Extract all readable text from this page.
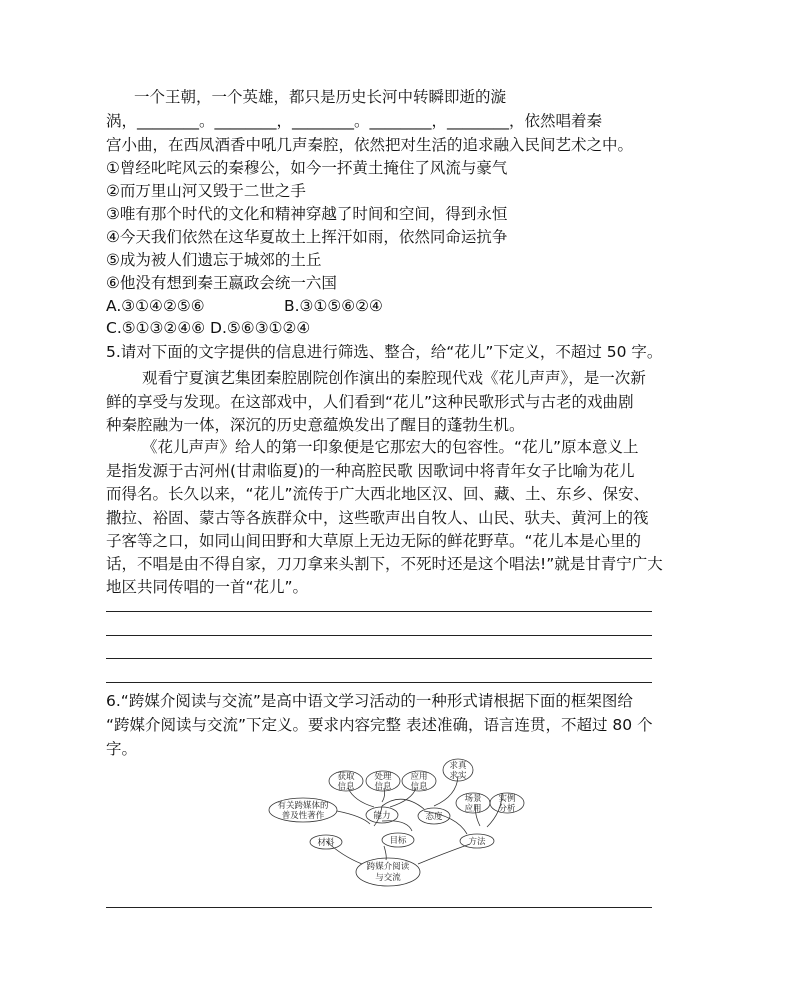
一个王朝，一个英雄，都只是历史长河中转瞬即逝的漩
涡，________。________，________。________，________，依然唱着秦
宫小曲，在西凤酒香中吼几声秦腔，依然把对生活的追求融入民间艺术之中。
①曾经叱咤风云的秦穆公，如今一抔黄土掩住了风流与豪气
②而万里山河又毁于二世之手
③唯有那个时代的文化和精神穿越了时间和空间，得到永恒
④今天我们依然在这华夏故土上挥汗如雨，依然同命运抗争
⑤成为被人们遗忘于城郊的土丘
⑥他没有想到秦王嬴政会统一六国
A.③①④②⑤⑥	B.③①⑤⑥②④
C.⑤①③②④⑥ D.⑤⑥③①②④
5.请对下面的文字提供的信息进行筛选、整合，给“花儿”下定义，不超过 50 字。
观看宁夏演艺集团秦腔剧院创作演出的秦腔现代戏《花儿声声》，是一次新
鲜的享受与发现。在这部戏中，人们看到“花儿”这种民歌形式与古老的戏曲剧
种秦腔融为一体，深沉的历史意蕴焕发出了醒目的蓬勃生机。
《花儿声声》给人的第一印象便是它那宏大的包容性。“花儿”原本意义上
是指发源于古河州(甘肃临夏)的一种高腔民歌 因歌词中将青年女子比喻为花儿
而得名。长久以来，“花儿”流传于广大西北地区汉、回、藏、土、东乡、保安、
撒拉、裕固、蒙古等各族群众中，这些歌声出自牧人、山民、驮夫、黄河上的筏
子客等之口，如同山间田野和大草原上无边无际的鲜花野草。“花儿本是心里的
话，不唱是由不得自家，刀刀拿来头割下，不死时还是这个唱法!”就是甘青宁广大
地区共同传唱的一首“花儿”。
6.“跨媒介阅读与交流”是高中语文学习活动的一种形式请根据下面的框架图给
“跨媒介阅读与交流”下定义。要求内容完整 表述准确，语言连贯，不超过 80 个
字。
获取
信息
处理
信息
应用
信息
求真
求实
有关跨媒体的
普及性著作	能力	态度
场景
应用
实例
分析
材料	目标	方法
跨媒介阅读
与交流
